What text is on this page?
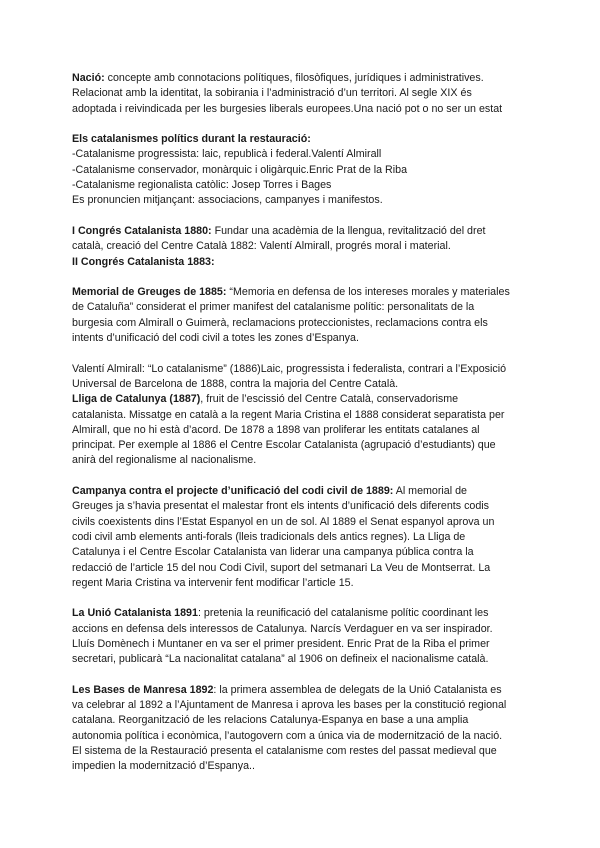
Nació: concepte amb connotacions polítiques, filosòfiques, jurídiques i administratives.
Relacionat amb la identitat, la sobirania i l’administració d’un territori. Al segle XIX és
adoptada i reivindicada per les burgesies liberals europees.Una nació pot o no ser un estat
Els catalanismes polítics durant la restauració:
-Catalanisme progressista: laic, republicà i federal.Valentí Almirall
-Catalanisme conservador, monàrquic i oligàrquic.Enric Prat de la Riba
-Catalanisme regionalista catòlic: Josep Torres i Bages
Es pronuncien mitjançant: associacions, campanyes i manifestos.
I Congrés Catalanista 1880: Fundar una acadèmia de la llengua, revitalització del dret
català, creació del Centre Català 1882: Valentí Almirall, progrés moral i material.
II Congrés Catalanista 1883:
Memorial de Greuges de 1885: “Memoria en defensa de los intereses morales y materiales
de Cataluña” considerat el primer manifest del catalanisme polític: personalitats de la
burgesia com Almirall o Guimerà, reclamacions proteccionistes, reclamacions contra els
intents d’unificació del codi civil a totes les zones d’Espanya.
Valentí Almirall: “Lo catalanisme” (1886)Laic, progressista i federalista, contrari a l’Exposició
Universal de Barcelona de 1888, contra la majoria del Centre Català.
Lliga de Catalunya (1887), fruit de l’escissió del Centre Català, conservadorisme
catalanista. Missatge en català a la regent Maria Cristina el 1888 considerat separatista per
Almirall, que no hi està d’acord. De 1878 a 1898 van proliferar les entitats catalanes al
principat. Per exemple al 1886 el Centre Escolar Catalanista (agrupació d’estudiants) que
anirà del regionalisme al nacionalisme.
Campanya contra el projecte d’unificació del codi civil de 1889: Al memorial de
Greuges ja s’havia presentat el malestar front els intents d’unificació dels diferents codis
civils coexistents dins l’Estat Espanyol en un de sol. Al 1889 el Senat espanyol aprova un
codi civil amb elements anti-forals (lleis tradicionals dels antics regnes). La Lliga de
Catalunya i el Centre Escolar Catalanista van liderar una campanya pública contra la
redacció de l’article 15 del nou Codi Civil, suport del setmanari La Veu de Montserrat. La
regent Maria Cristina va intervenir fent modificar l’article 15.
La Unió Catalanista 1891: pretenia la reunificació del catalanisme polític coordinant les
accions en defensa dels interessos de Catalunya. Narcís Verdaguer en va ser inspirador.
Lluís Domènech i Muntaner en va ser el primer president. Enric Prat de la Riba el primer
secretari, publicarà “La nacionalitat catalana” al 1906 on defineix el nacionalisme català.
Les Bases de Manresa 1892: la primera assemblea de delegats de la Unió Catalanista es
va celebrar al 1892 a l’Ajuntament de Manresa i aprova les bases per la constitució regional
catalana. Reorganització de les relacions Catalunya-Espanya en base a una amplia
autonomia política i econòmica, l’autogovern com a única via de modernització de la nació.
El sistema de la Restauració presenta el catalanisme com restes del passat medieval que
impedien la modernització d’Espanya..
